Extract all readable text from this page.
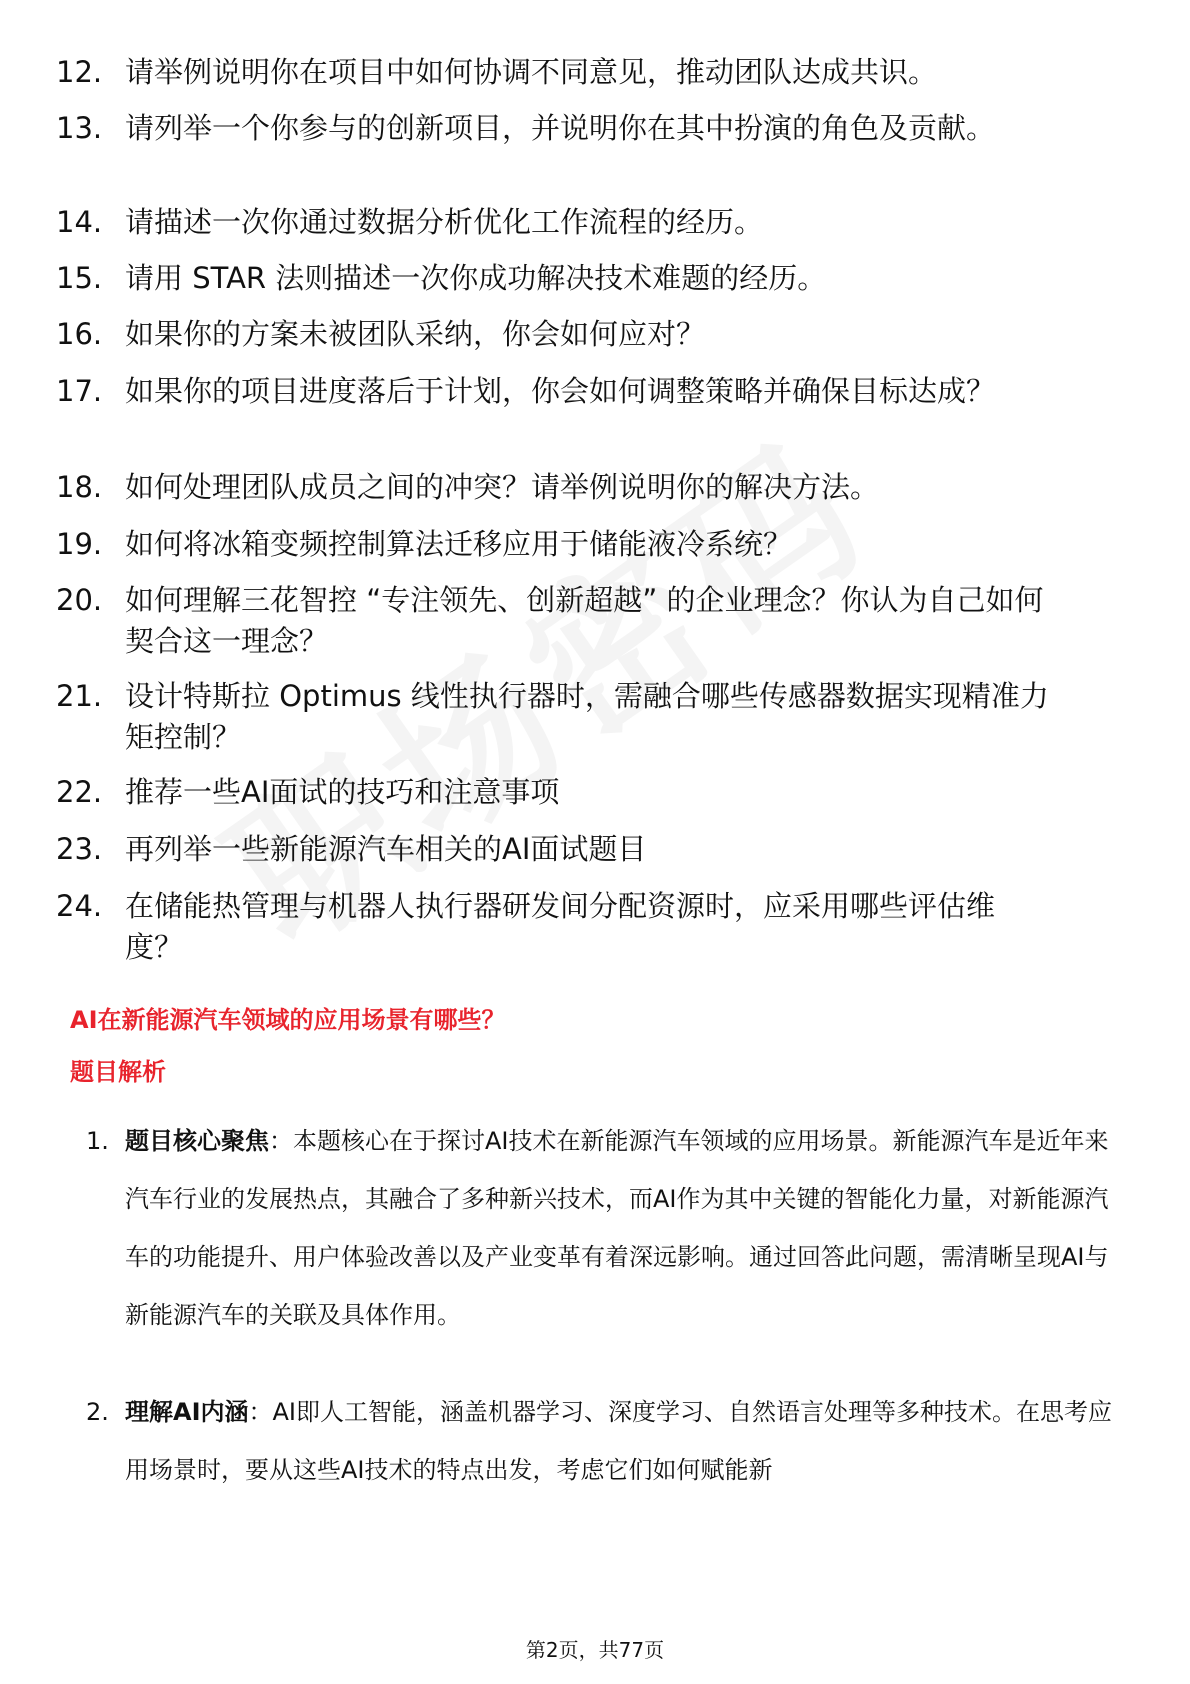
12. 请举例说明你在项目中如何协调不同意见，推动团队达成共识。
13. 请列举一个你参与的创新项目，并说明你在其中扮演的角色及贡献。
14. 请描述一次你通过数据分析优化工作流程的经历。
15. 请用 STAR 法则描述一次你成功解决技术难题的经历。
16. 如果你的方案未被团队采纳，你会如何应对？
17. 如果你的项目进度落后于计划，你会如何调整策略并确保目标达成？
18. 如何处理团队成员之间的冲突？请举例说明你的解决方法。
19. 如何将冰箱变频控制算法迁移应用于储能液冷系统？
20. 如何理解三花智控 “专注领先、创新超越” 的企业理念？你认为自己如何契合这一理念？
21. 设计特斯拉 Optimus 线性执行器时，需融合哪些传感器数据实现精准力矩控制？
22. 推荐一些AI面试的技巧和注意事项
23. 再列举一些新能源汽车相关的AI面试题目
24. 在储能热管理与机器人执行器研发间分配资源时，应采用哪些评估维度？
AI在新能源汽车领域的应用场景有哪些？
题目解析
1. 题目核心聚焦：本题核心在于探讨AI技术在新能源汽车领域的应用场景。新能源汽车是近年来汽车行业的发展热点，其融合了多种新兴技术，而AI作为其中关键的智能化力量，对新能源汽车的功能提升、用户体验改善以及产业变革有着深远影响。通过回答此问题，需清晰呈现AI与新能源汽车的关联及具体作用。
2. 理解AI内涵：AI即人工智能，涵盖机器学习、深度学习、自然语言处理等多种技术。在思考应用场景时，要从这些AI技术的特点出发，考虑它们如何赋能新
第2页，共77页
